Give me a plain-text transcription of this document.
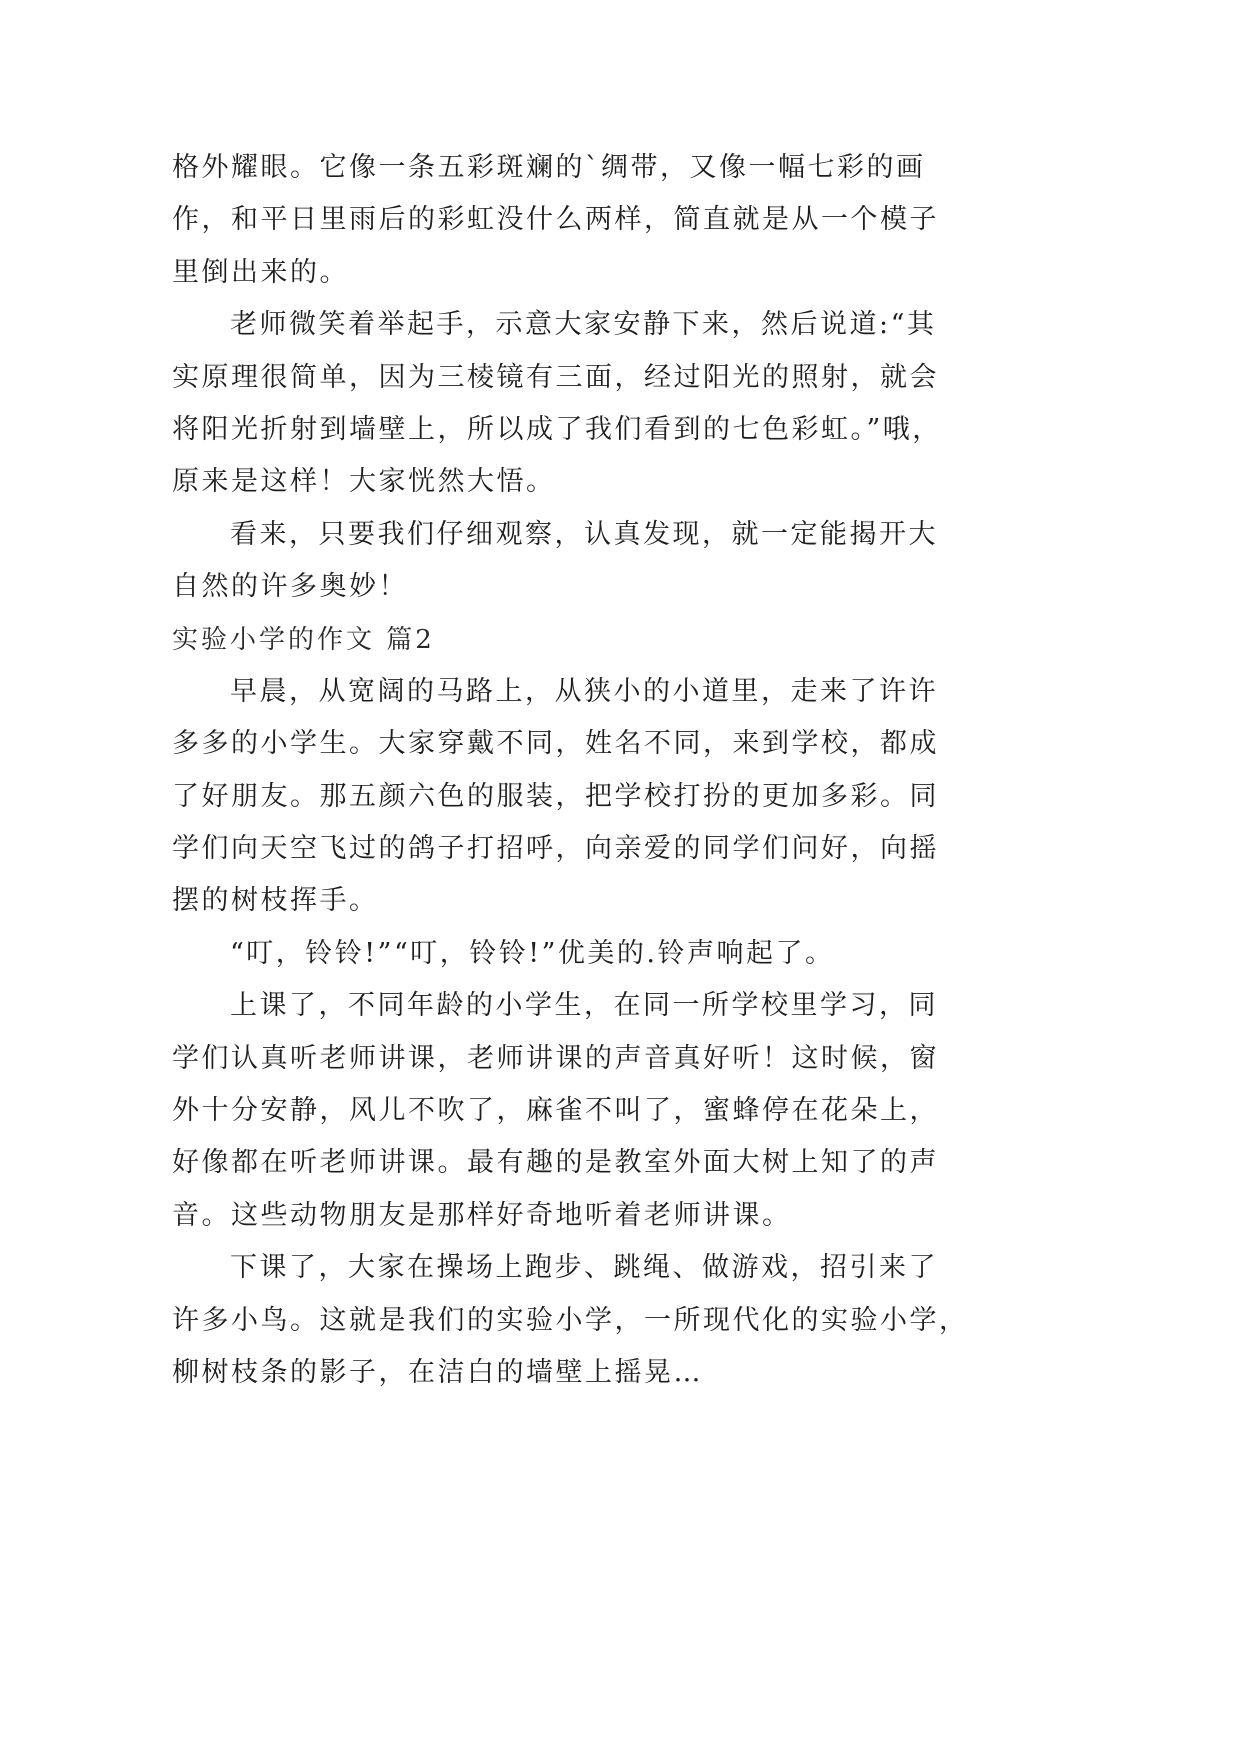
格外耀眼。它像一条五彩斑斓的`绸带，又像一幅七彩的画
作，和平日里雨后的彩虹没什么两样，简直就是从一个模子
里倒出来的。
老师微笑着举起手，示意大家安静下来，然后说道:“其
实原理很简单，因为三棱镜有三面，经过阳光的照射，就会
将阳光折射到墙壁上，所以成了我们看到的七色彩虹。”哦，
原来是这样！大家恍然大悟。
看来，只要我们仔细观察，认真发现，就一定能揭开大
自然的许多奥妙！
实验小学的作文 篇2
早晨，从宽阔的马路上，从狭小的小道里，走来了许许
多多的小学生。大家穿戴不同，姓名不同，来到学校，都成
了好朋友。那五颜六色的服装，把学校打扮的更加多彩。同
学们向天空飞过的鸽子打招呼，向亲爱的同学们问好，向摇
摆的树枝挥手。
“叮，铃铃!”“叮，铃铃!”优美的.铃声响起了。
上课了，不同年龄的小学生，在同一所学校里学习，同
学们认真听老师讲课，老师讲课的声音真好听！这时候，窗
外十分安静，风儿不吹了，麻雀不叫了，蜜蜂停在花朵上，
好像都在听老师讲课。最有趣的是教室外面大树上知了的声
音。这些动物朋友是那样好奇地听着老师讲课。
下课了，大家在操场上跑步、跳绳、做游戏，招引来了
许多小鸟。这就是我们的实验小学，一所现代化的实验小学，
柳树枝条的影子，在洁白的墙壁上摇晃…
